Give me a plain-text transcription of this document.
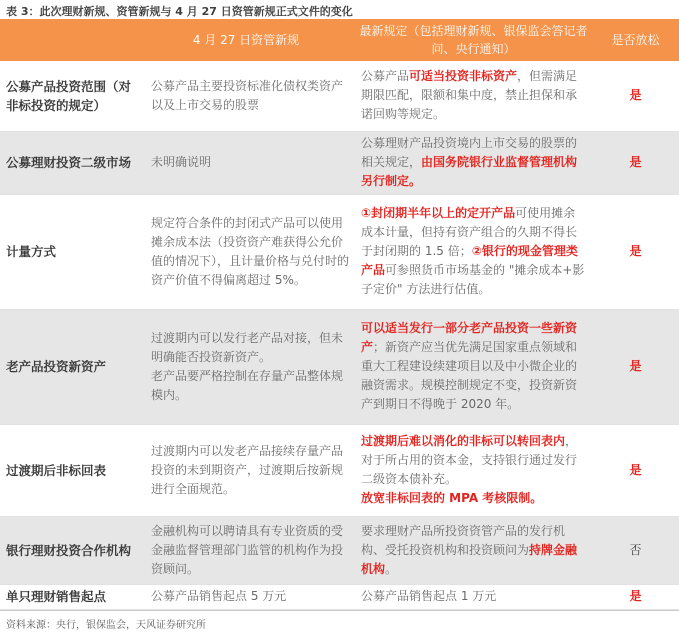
表 3：此次理财新规、资管新规与 4 月 27 日资管新规正式文件的变化
	4 月 27 日资管新规	最新规定（包括理财新规、银保监会答记者问、央行通知）	是否放松
公募产品投资范围（对非标投资的规定）	公募产品主要投资标准化债权类资产以及上市交易的股票	公募产品可适当投资非标资产，但需满足期限匹配，限额和集中度，禁止担保和承诺回购等规定。	是
公募理财投资二级市场	未明确说明	公募理财产品投资境内上市交易的股票的相关规定，由国务院银行业监督管理机构另行制定。	是
计量方式	规定符合条件的封闭式产品可以使用摊余成本法（投资资产难获得公允价值的情况下），且计量价格与兑付时的资产价值不得偏离超过 5%。	①封闭期半年以上的定开产品可使用摊余成本计量，但持有资产组合的久期不得长于封闭期的 1.5 倍；②银行的现金管理类产品可参照货币市场基金的 "摊余成本+影子定价" 方法进行估值。	是
老产品投资新资产	过渡期内可以发行老产品对接，但未明确能否投资新资产。
老产品要严格控制在存量产品整体规模内。	可以适当发行一部分老产品投资一些新资产；新资产应当优先满足国家重点领域和重大工程建设续建项目以及中小微企业的融资需求。规模控制规定不变，投资新资产到期日不得晚于 2020 年。	是
过渡期后非标回表	过渡期内可以发老产品接续存量产品投资的未到期资产，过渡期后按新规进行全面规范。	过渡期后难以消化的非标可以转回表内，对于所占用的资本金，支持银行通过发行二级资本债补充。
放宽非标回表的 MPA 考核限制。	是
银行理财投资合作机构	金融机构可以聘请具有专业资质的受金融监督管理部门监管的机构作为投资顾问。	要求理财产品所投资资管产品的发行机构、受托投资机构和投资顾问为持牌金融机构。	否
单只理财销售起点	公募产品销售起点 5 万元	公募产品销售起点 1 万元	是
资料来源：央行，银保监会，天风证券研究所
